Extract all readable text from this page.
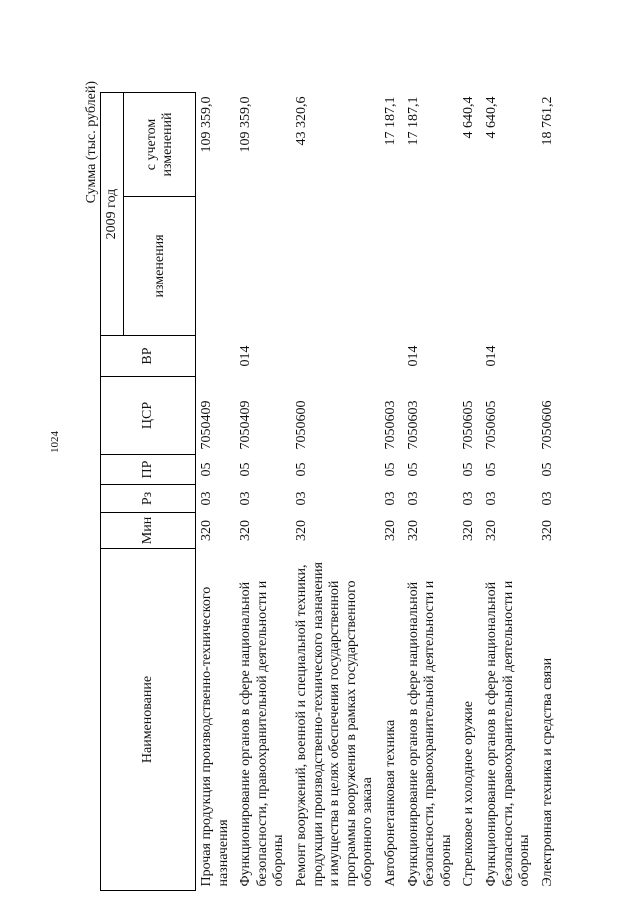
1024
Сумма (тыс. рублей)
Наименование	Мин	Рз	ПР	ЦСР	ВР	2009 год	
						изменения	с учетом изменений
Прочая продукция производственно-технического назначения	320	03	05	7050409			109 359,0
Функционирование органов в сфере национальной безопасности, правоохранительной деятельности и обороны	320	03	05	7050409	014		109 359,0
Ремонт вооружений, военной и специальной техники, продукции производственно-технического назначения и имущества в целях обеспечения государственной программы вооружения в рамках государственного оборонного заказа	320	03	05	7050600			43 320,6
Автобронетанковая техника	320	03	05	7050603			17 187,1
Функционирование органов в сфере национальной безопасности, правоохранительной деятельности и обороны	320	03	05	7050603	014		17 187,1
Стрелковое и холодное оружие	320	03	05	7050605			4 640,4
Функционирование органов в сфере национальной безопасности, правоохранительной деятельности и обороны	320	03	05	7050605	014		4 640,4
Электронная техника и средства связи	320	03	05	7050606			18 761,2
